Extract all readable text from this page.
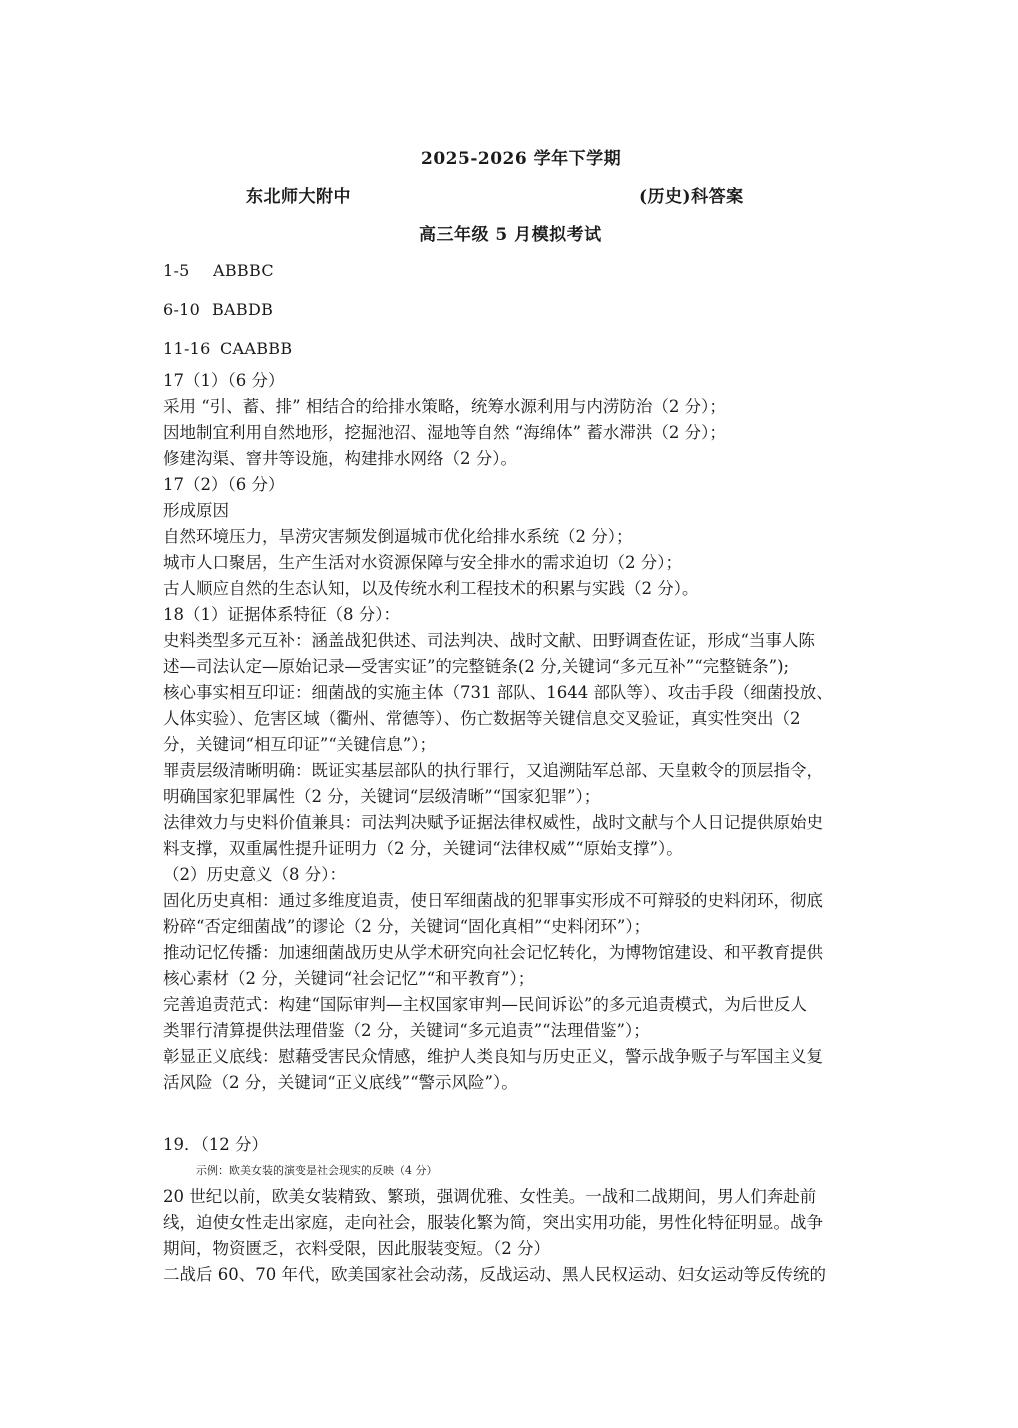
2025-2026 学年下学期
东北师大附中	(历史)科答案
高三年级 5 月模拟考试
1-5 ABBBC
6-10 BABDB
11-16 CAABBB
17（1）（6 分）
采用 “引、蓄、排” 相结合的给排水策略，统筹水源利用与内涝防治（2 分）；
因地制宜利用自然地形，挖掘池沼、湿地等自然 “海绵体” 蓄水滞洪（2 分）；
修建沟渠、窨井等设施，构建排水网络（2 分）。
17（2）（6 分）
形成原因
自然环境压力，旱涝灾害频发倒逼城市优化给排水系统（2 分）；
城市人口聚居，生产生活对水资源保障与安全排水的需求迫切（2 分）；
古人顺应自然的生态认知，以及传统水利工程技术的积累与实践（2 分）。
18（1）证据体系特征（8 分）：
史料类型多元互补：涵盖战犯供述、司法判决、战时文献、田野调查佐证，形成“当事人陈
述—司法认定—原始记录—受害实证”的完整链条(2 分,关键词“多元互补”“完整链条”);
核心事实相互印证：细菌战的实施主体（731 部队、1644 部队等）、攻击手段（细菌投放、
人体实验）、危害区域（衢州、常德等）、伤亡数据等关键信息交叉验证，真实性突出（2
分，关键词“相互印证”“关键信息”）；
罪责层级清晰明确：既证实基层部队的执行罪行，又追溯陆军总部、天皇敕令的顶层指令，
明确国家犯罪属性（2 分，关键词“层级清晰”“国家犯罪”）；
法律效力与史料价值兼具：司法判决赋予证据法律权威性，战时文献与个人日记提供原始史
料支撑，双重属性提升证明力（2 分，关键词“法律权威”“原始支撑”）。
（2）历史意义（8 分）：
固化历史真相：通过多维度追责，使日军细菌战的犯罪事实形成不可辩驳的史料闭环，彻底
粉碎“否定细菌战”的谬论（2 分，关键词“固化真相”“史料闭环”）；
推动记忆传播：加速细菌战历史从学术研究向社会记忆转化，为博物馆建设、和平教育提供
核心素材（2 分，关键词“社会记忆”“和平教育”）；
完善追责范式：构建“国际审判—主权国家审判—民间诉讼”的多元追责模式，为后世反人
类罪行清算提供法理借鉴（2 分，关键词“多元追责”“法理借鉴”）；
彰显正义底线：慰藉受害民众情感，维护人类良知与历史正义，警示战争贩子与军国主义复
活风险（2 分，关键词“正义底线”“警示风险”）。
19．（12 分）
示例：欧美女装的演变是社会现实的反映（4 分）
20 世纪以前，欧美女装精致、繁琐，强调优雅、女性美。一战和二战期间，男人们奔赴前
线，迫使女性走出家庭，走向社会，服装化繁为简，突出实用功能，男性化特征明显。战争
期间，物资匮乏，衣料受限，因此服装变短。（2 分）
二战后 60、70 年代，欧美国家社会动荡，反战运动、黑人民权运动、妇女运动等反传统的
